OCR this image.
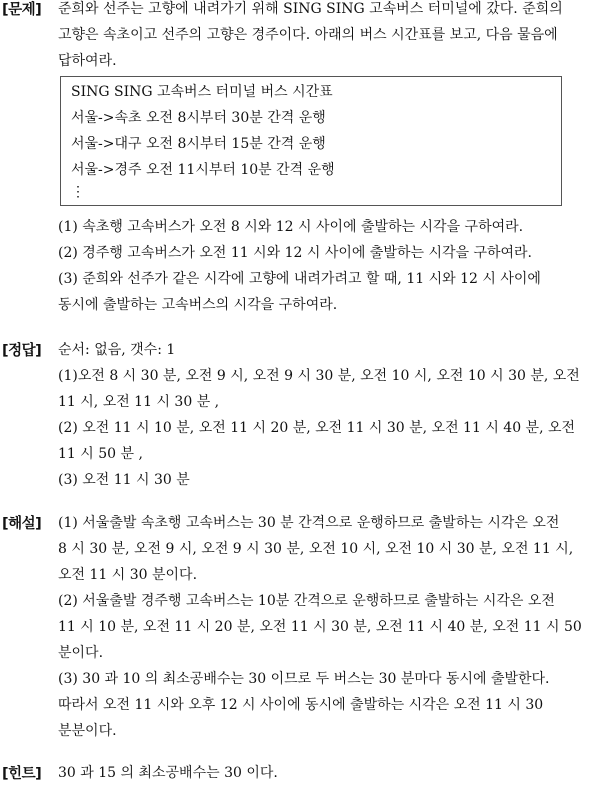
[문제] 준희와 선주는 고향에 내려가기 위해 SING SING 고속버스 터미널에 갔다. 준희의
고향은 속초이고 선주의 고향은 경주이다. 아래의 버스 시간표를 보고, 다음 물음에
답하여라.
SING SING 고속버스 터미널 버스 시간표
서울->속초 오전 8시부터 30분 간격 운행
서울->대구 오전 8시부터 15분 간격 운행
서울->경주 오전 11시부터 10분 간격 운행
⋮
(1) 속초행 고속버스가 오전 8 시와 12 시 사이에 출발하는 시각을 구하여라.
(2) 경주행 고속버스가 오전 11 시와 12 시 사이에 출발하는 시각을 구하여라.
(3) 준희와 선주가 같은 시각에 고향에 내려가려고 할 때, 11 시와 12 시 사이에
동시에 출발하는 고속버스의 시각을 구하여라.
[정답] 순서: 없음, 갯수: 1
(1)오전 8 시 30 분, 오전 9 시, 오전 9 시 30 분, 오전 10 시, 오전 10 시 30 분, 오전
11 시, 오전 11 시 30 분 ,
(2) 오전 11 시 10 분, 오전 11 시 20 분, 오전 11 시 30 분, 오전 11 시 40 분, 오전
11 시 50 분 ,
(3) 오전 11 시 30 분
[해설] (1) 서울출발 속초행 고속버스는 30 분 간격으로 운행하므로 출발하는 시각은 오전
8 시 30 분, 오전 9 시, 오전 9 시 30 분, 오전 10 시, 오전 10 시 30 분, 오전 11 시,
오전 11 시 30 분이다.
(2) 서울출발 경주행 고속버스는 10분 간격으로 운행하므로 출발하는 시각은 오전
11 시 10 분, 오전 11 시 20 분, 오전 11 시 30 분, 오전 11 시 40 분, 오전 11 시 50
분이다.
(3) 30 과 10 의 최소공배수는 30 이므로 두 버스는 30 분마다 동시에 출발한다.
따라서 오전 11 시와 오후 12 시 사이에 동시에 출발하는 시각은 오전 11 시 30
분분이다.
[힌트] 30 과 15 의 최소공배수는 30 이다.
